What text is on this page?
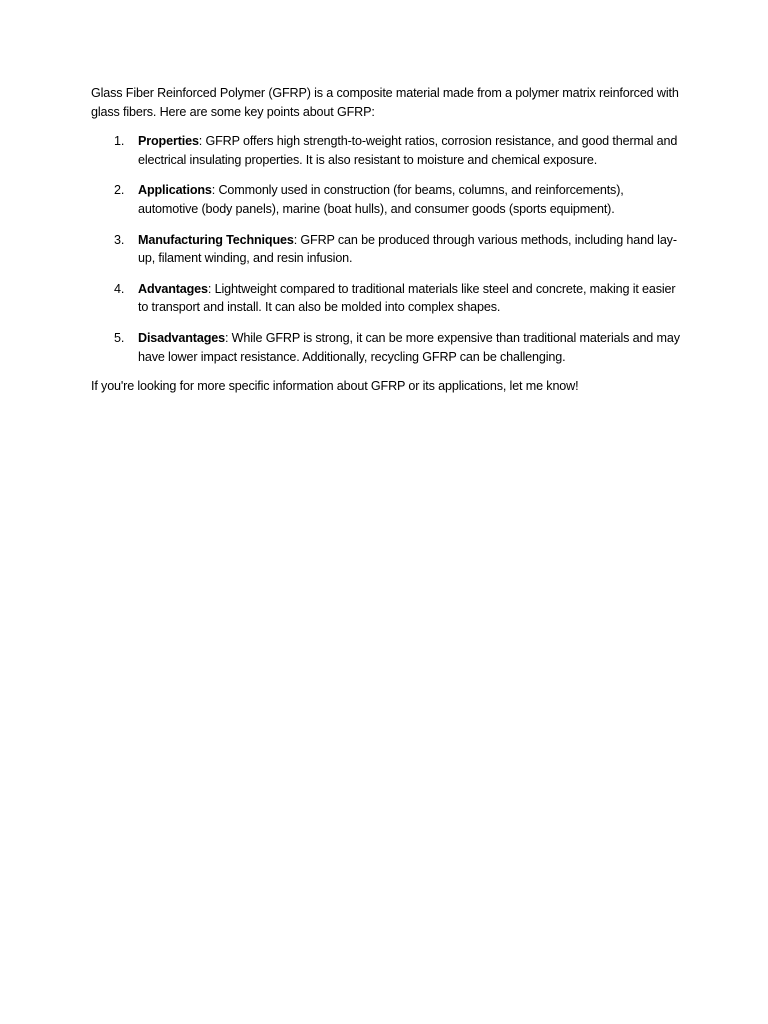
Glass Fiber Reinforced Polymer (GFRP) is a composite material made from a polymer matrix reinforced with glass fibers. Here are some key points about GFRP:

1. Properties: GFRP offers high strength-to-weight ratios, corrosion resistance, and good thermal and electrical insulating properties. It is also resistant to moisture and chemical exposure.
2. Applications: Commonly used in construction (for beams, columns, and reinforcements), automotive (body panels), marine (boat hulls), and consumer goods (sports equipment).
3. Manufacturing Techniques: GFRP can be produced through various methods, including hand lay-up, filament winding, and resin infusion.
4. Advantages: Lightweight compared to traditional materials like steel and concrete, making it easier to transport and install. It can also be molded into complex shapes.
5. Disadvantages: While GFRP is strong, it can be more expensive than traditional materials and may have lower impact resistance. Additionally, recycling GFRP can be challenging.

If you're looking for more specific information about GFRP or its applications, let me know!
